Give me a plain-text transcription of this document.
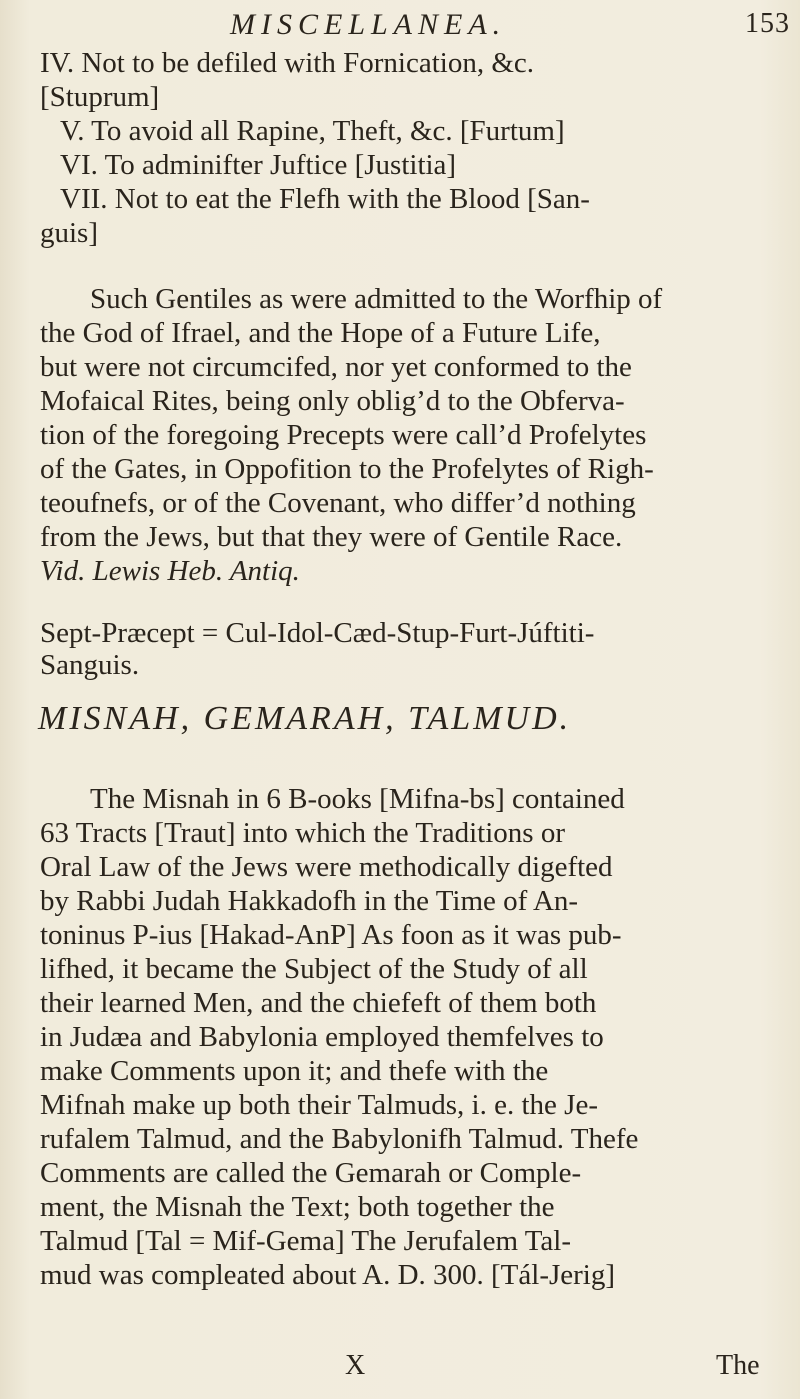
MISCELLANEA.	153
IV. Not to be defiled with Fornication, &c.
[Stuprum]
V. To avoid all Rapine, Theft, &c. [Furtum]
VI. To adminifter Juftice [Justitia]
VII. Not to eat the Flefh with the Blood [San-
guis]
Such Gentiles as were admitted to the Worfhip of
the God of Ifrael, and the Hope of a Future Life,
but were not circumcifed, nor yet conformed to the
Mofaical Rites, being only oblig’d to the Obferva-
tion of the foregoing Precepts were call’d Profelytes
of the Gates, in Oppofition to the Profelytes of Righ-
teoufnefs, or of the Covenant, who differ’d nothing
from the Jews, but that they were of Gentile Race.
Vid. Lewis Heb. Antiq.
Sept-Præcept = Cul-Idol-Cæd-Stup-Furt-Júftiti-
Sanguis.
MISNAH, GEMARAH, TALMUD.
The Misnah in 6 B-ooks [Mifna-bs] contained
63 Tracts [Traut] into which the Traditions or
Oral Law of the Jews were methodically digefted
by Rabbi Judah Hakkadofh in the Time of An-
toninus P-ius [Hakad-AnP] As foon as it was pub-
lifhed, it became the Subject of the Study of all
their learned Men, and the chiefeft of them both
in Judæa and Babylonia employed themfelves to
make Comments upon it; and thefe with the
Mifnah make up both their Talmuds, i. e. the Je-
rufalem Talmud, and the Babylonifh Talmud. Thefe
Comments are called the Gemarah or Comple-
ment, the Misnah the Text; both together the
Talmud [Tal = Mif-Gema] The Jerufalem Tal-
mud was compleated about A. D. 300. [Tál-Jerig]
X	The
